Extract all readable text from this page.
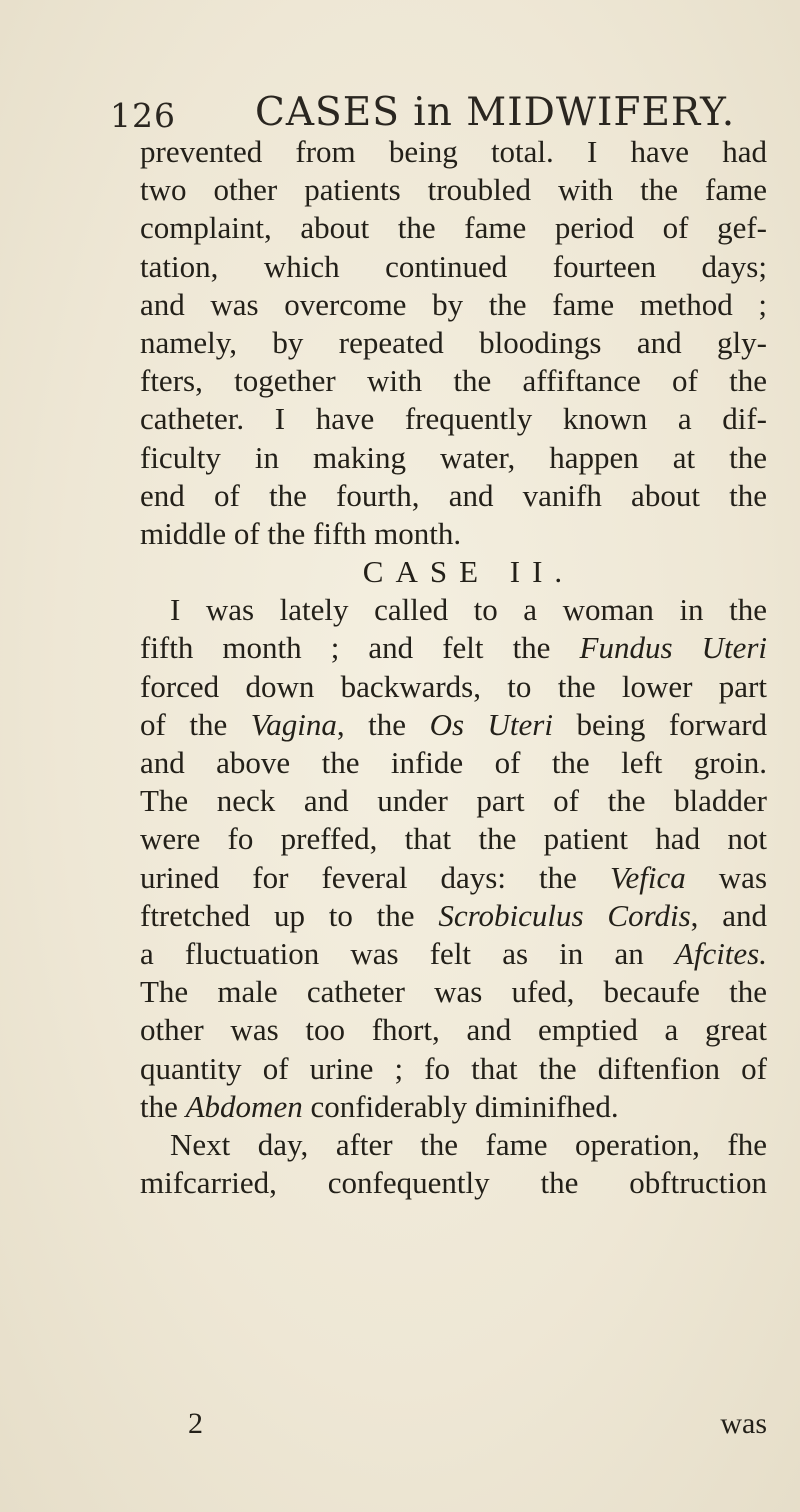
126 CASES in MIDWIFERY.
prevented from being total. I have had
two other patients troubled with the fame
complaint, about the fame period of gef-
tation, which continued fourteen days;
and was overcome by the fame method ;
namely, by repeated bloodings and gly-
fters, together with the affiftance of the
catheter. I have frequently known a dif-
ficulty in making water, happen at the
end of the fourth, and vanifh about the
middle of the fifth month.
CASE II.
I was lately called to a woman in the
fifth month ; and felt the Fundus Uteri
forced down backwards, to the lower part
of the Vagina, the Os Uteri being forward
and above the infide of the left groin.
The neck and under part of the bladder
were fo preffed, that the patient had not
urined for feveral days: the Vefica was
ftretched up to the Scrobiculus Cordis, and
a fluctuation was felt as in an Afcites.
The male catheter was ufed, becaufe the
other was too fhort, and emptied a great
quantity of urine ; fo that the diftenfion of
the Abdomen confiderably diminifhed.
Next day, after the fame operation, fhe
mifcarried, confequently the obftruction
2	was
